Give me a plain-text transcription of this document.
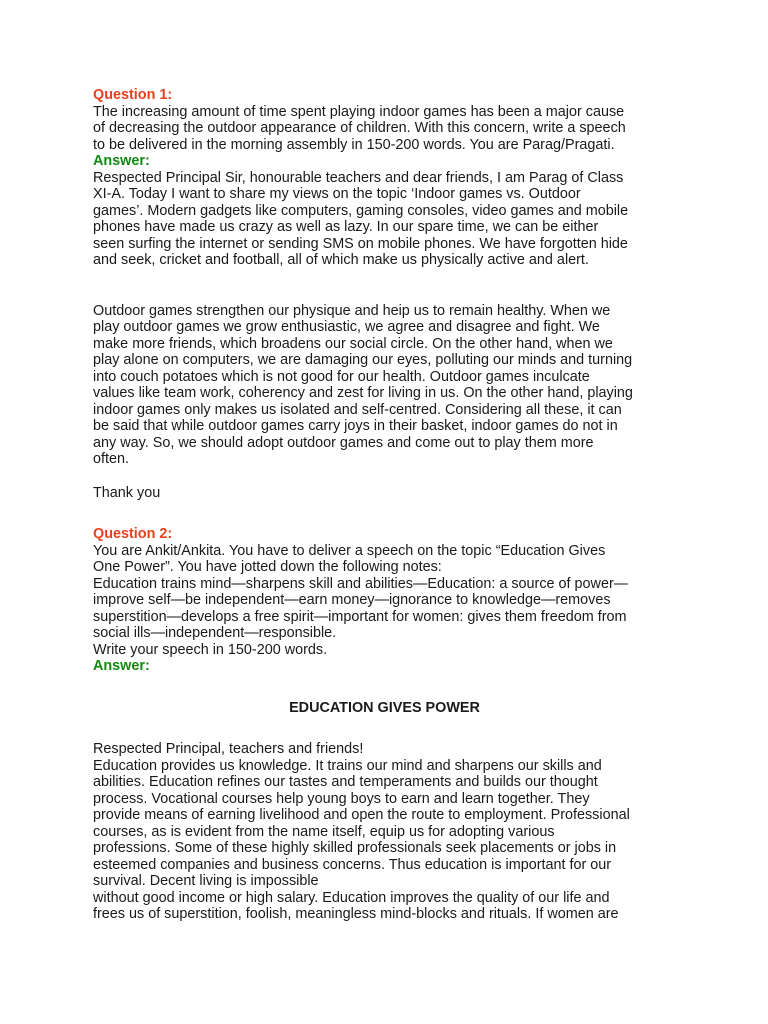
Question 1:
The increasing amount of time spent playing indoor games has been a major cause
of decreasing the outdoor appearance of children. With this concern, write a speech
to be delivered in the morning assembly in 150-200 words. You are Parag/Pragati.
Answer:
Respected Principal Sir, honourable teachers and dear friends, I am Parag of Class
XI-A. Today I want to share my views on the topic ‘Indoor games vs. Outdoor
games’. Modern gadgets like computers, gaming consoles, video games and mobile
phones have made us crazy as well as lazy. In our spare time, we can be either
seen surfing the internet or sending SMS on mobile phones. We have forgotten hide
and seek, cricket and football, all of which make us physically active and alert.
Outdoor games strengthen our physique and heip us to remain healthy. When we
play outdoor games we grow enthusiastic, we agree and disagree and fight. We
make more friends, which broadens our social circle. On the other hand, when we
play alone on computers, we are damaging our eyes, polluting our minds and turning
into couch potatoes which is not good for our health. Outdoor games inculcate
values like team work, coherency and zest for living in us. On the other hand, playing
indoor games only makes us isolated and self-centred. Considering all these, it can
be said that while outdoor games carry joys in their basket, indoor games do not in
any way. So, we should adopt outdoor games and come out to play them more
often.
Thank you
Question 2:
You are Ankit/Ankita. You have to deliver a speech on the topic “Education Gives
One Power”. You have jotted down the following notes:
Education trains mind—sharpens skill and abilities—Education: a source of power—
improve self—be independent—earn money—ignorance to knowledge—removes
superstition—develops a free spirit—important for women: gives them freedom from
social ills—independent—responsible.
Write your speech in 150-200 words.
Answer:
EDUCATION GIVES POWER
Respected Principal, teachers and friends!
Education provides us knowledge. It trains our mind and sharpens our skills and
abilities. Education refines our tastes and temperaments and builds our thought
process. Vocational courses help young boys to earn and learn together. They
provide means of earning livelihood and open the route to employment. Professional
courses, as is evident from the name itself, equip us for adopting various
professions. Some of these highly skilled professionals seek placements or jobs in
esteemed companies and business concerns. Thus education is important for our
survival. Decent living is impossible
without good income or high salary. Education improves the quality of our life and
frees us of superstition, foolish, meaningless mind-blocks and rituals. If women are
